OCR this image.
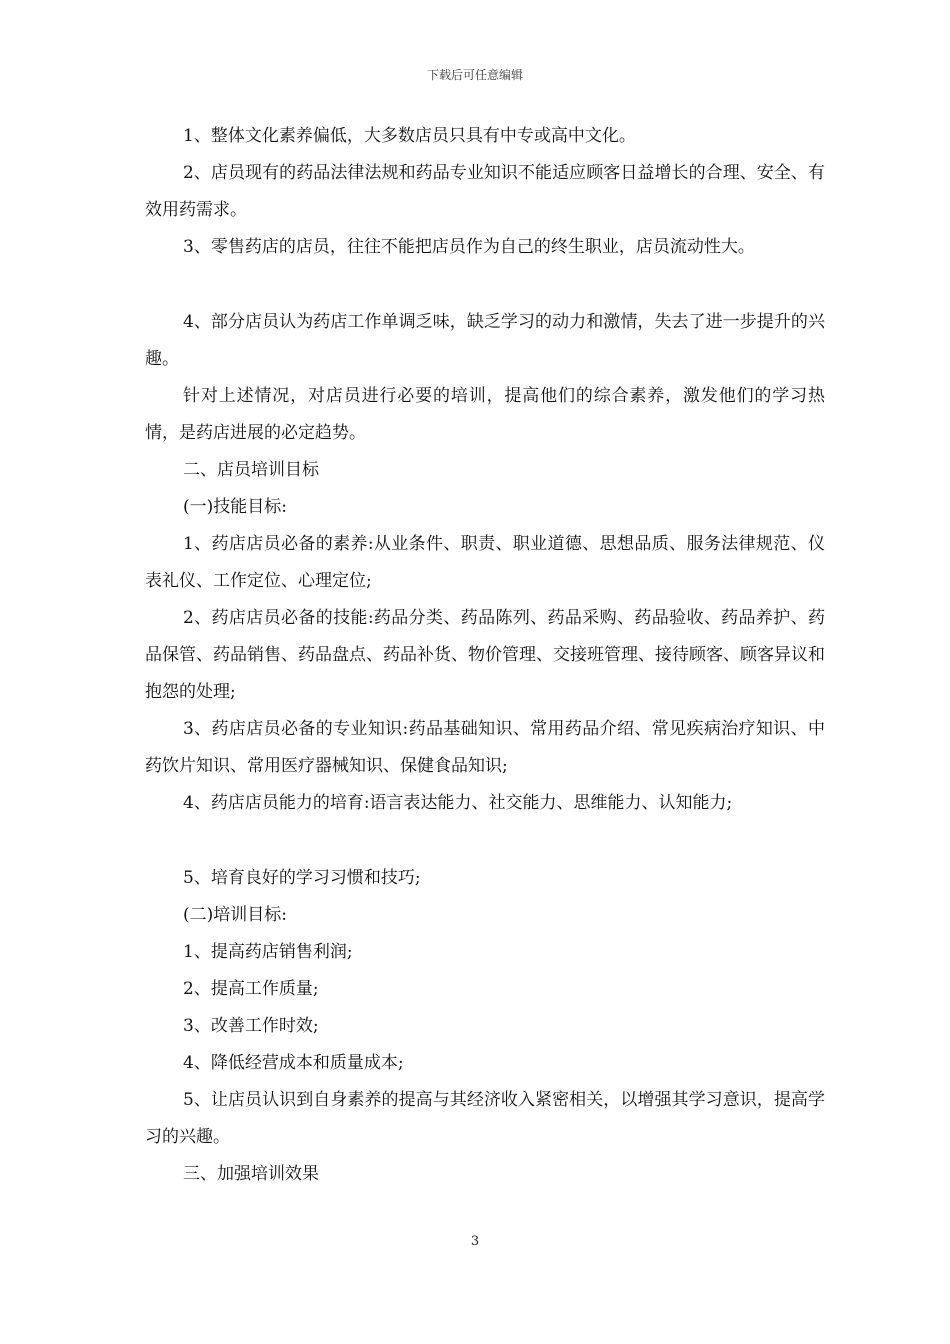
下载后可任意编辑

1、整体文化素养偏低，大多数店员只具有中专或高中文化。

2、店员现有的药品法律法规和药品专业知识不能适应顾客日益增长的合理、安全、有效用药需求。

3、零售药店的店员，往往不能把店员作为自己的终生职业，店员流动性大。

4、部分店员认为药店工作单调乏味，缺乏学习的动力和激情，失去了进一步提升的兴趣。

针对上述情况，对店员进行必要的培训，提高他们的综合素养，激发他们的学习热情，是药店进展的必定趋势。

二、店员培训目标

(一)技能目标:

1、药店店员必备的素养:从业条件、职责、职业道德、思想品质、服务法律规范、仪表礼仪、工作定位、心理定位;

2、药店店员必备的技能:药品分类、药品陈列、药品采购、药品验收、药品养护、药品保管、药品销售、药品盘点、药品补货、物价管理、交接班管理、接待顾客、顾客异议和抱怨的处理;

3、药店店员必备的专业知识:药品基础知识、常用药品介绍、常见疾病治疗知识、中药饮片知识、常用医疗器械知识、保健食品知识;

4、药店店员能力的培育:语言表达能力、社交能力、思维能力、认知能力;

5、培育良好的学习习惯和技巧;

(二)培训目标:

1、提高药店销售利润;

2、提高工作质量;

3、改善工作时效;

4、降低经营成本和质量成本;

5、让店员认识到自身素养的提高与其经济收入紧密相关，以增强其学习意识，提高学习的兴趣。

三、加强培训效果

3
